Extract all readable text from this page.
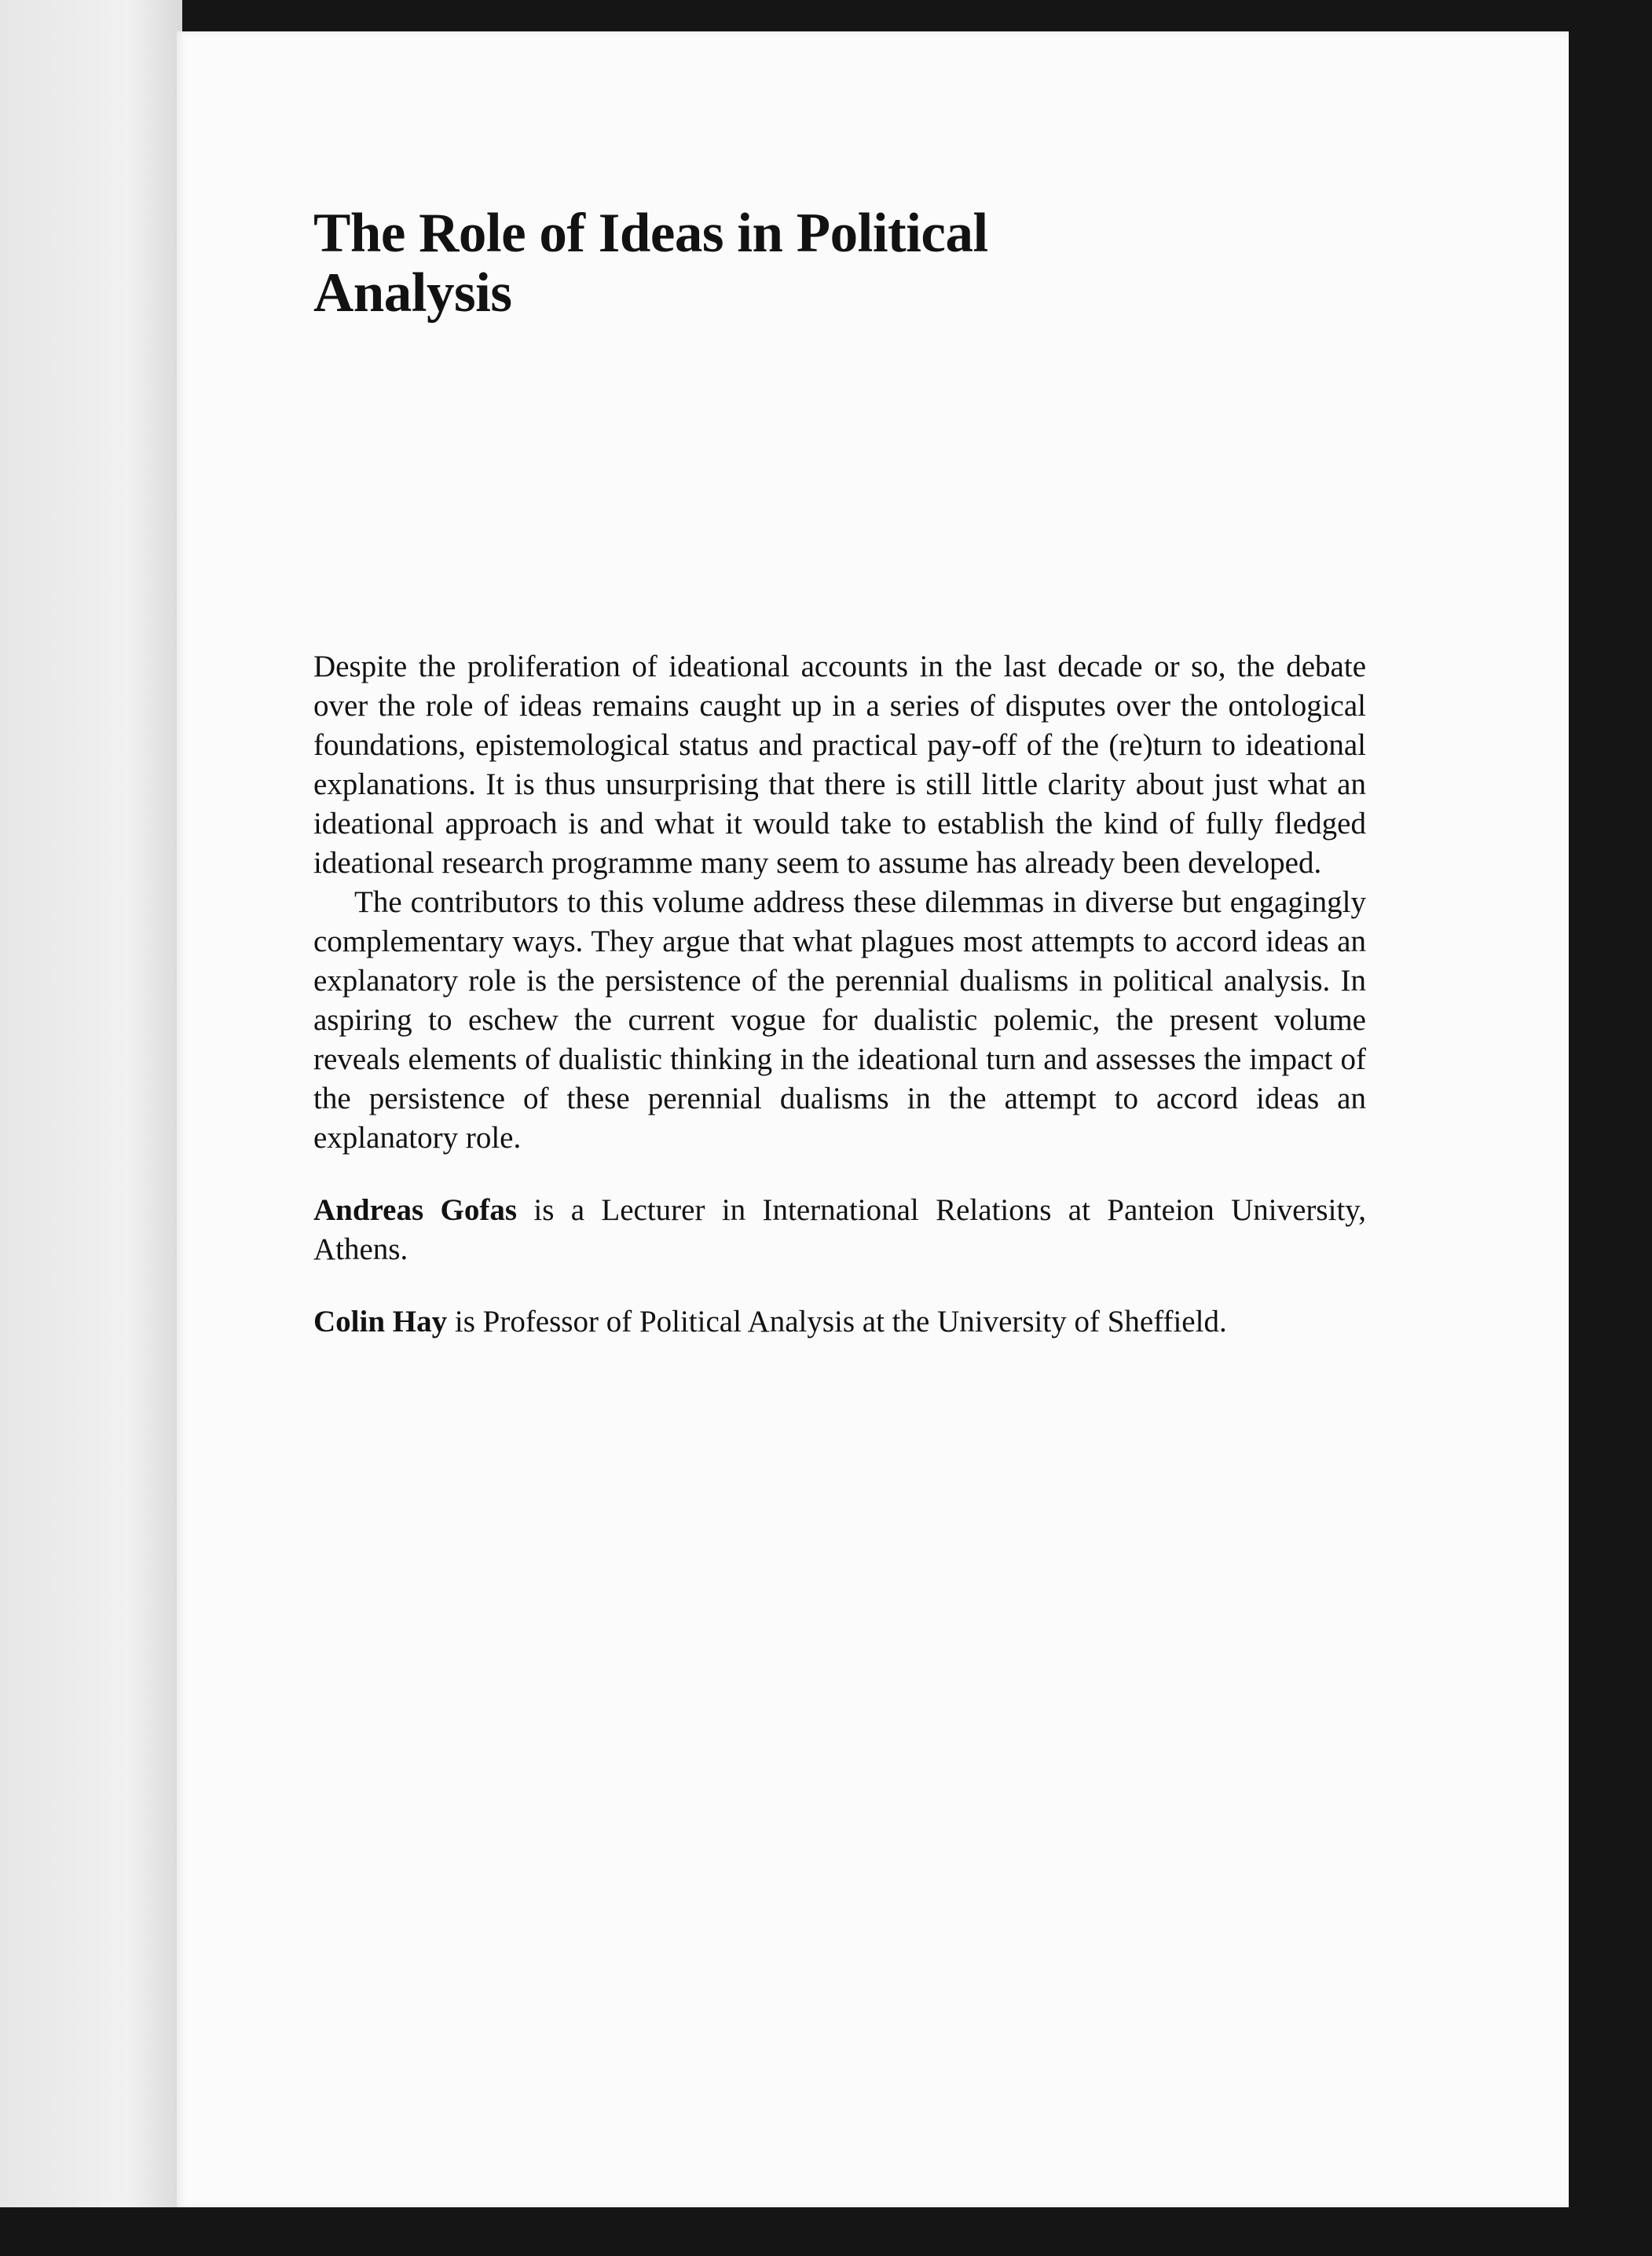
The Role of Ideas in Political
Analysis

Despite the proliferation of ideational accounts in the last decade or so, the debate over the role of ideas remains caught up in a series of disputes over the ontological foundations, epistemological status and practical pay-off of the (re)turn to ideational explanations. It is thus unsurprising that there is still little clarity about just what an ideational approach is and what it would take to establish the kind of fully fledged ideational research programme many seem to assume has already been developed.

The contributors to this volume address these dilemmas in diverse but engagingly complementary ways. They argue that what plagues most attempts to accord ideas an explanatory role is the persistence of the perennial dualisms in political analysis. In aspiring to eschew the current vogue for dualistic polemic, the present volume reveals elements of dualistic thinking in the ideational turn and assesses the impact of the persistence of these perennial dualisms in the attempt to accord ideas an explanatory role.

Andreas Gofas is a Lecturer in International Relations at Panteion University, Athens.

Colin Hay is Professor of Political Analysis at the University of Sheffield.
